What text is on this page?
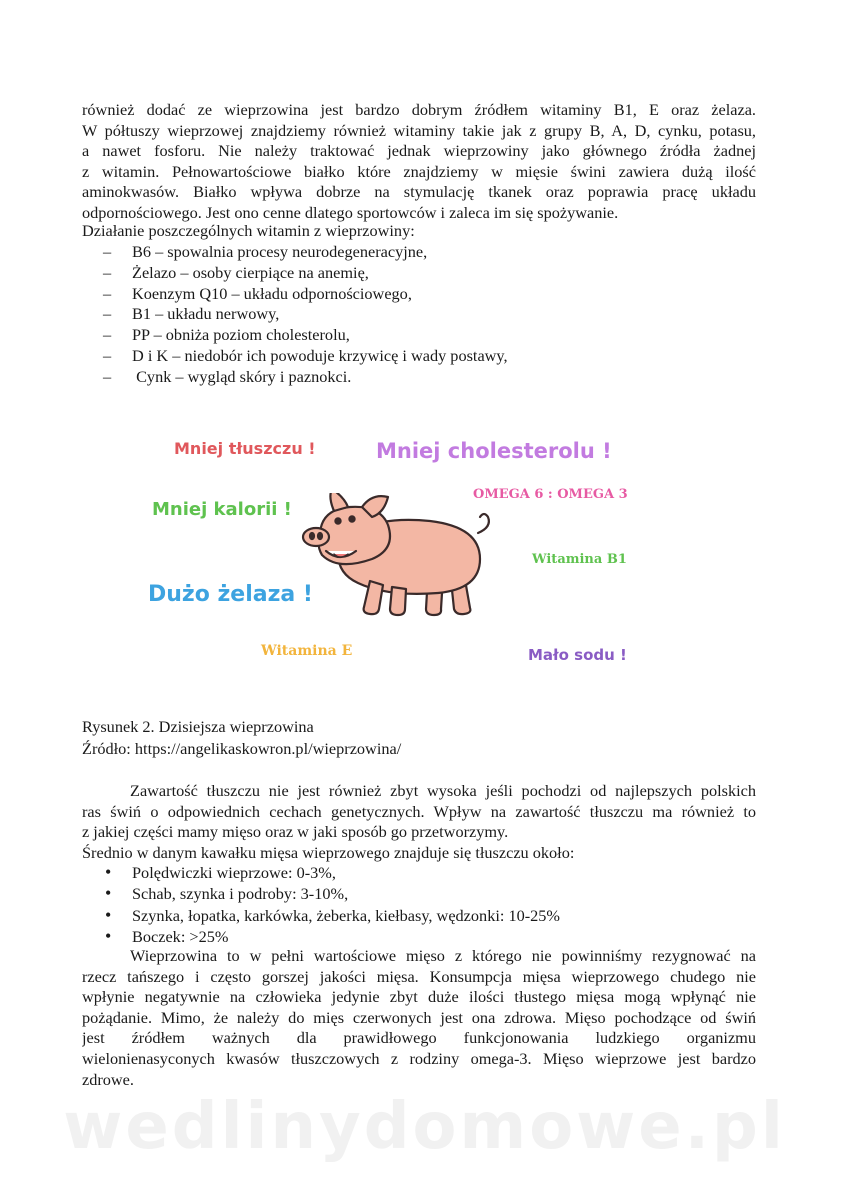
również dodać ze wieprzowina jest bardzo dobrym źródłem witaminy B1, E oraz żelaza.
W półtuszy wieprzowej znajdziemy również witaminy takie jak z grupy B, A, D, cynku, potasu,
a nawet fosforu. Nie należy traktować jednak wieprzowiny jako głównego źródła żadnej
z witamin. Pełnowartościowe białko które znajdziemy w mięsie świni zawiera dużą ilość
aminokwasów. Białko wpływa dobrze na stymulację tkanek oraz poprawia pracę układu
odpornościowego. Jest ono cenne dlatego sportowców i zaleca im się spożywanie.

Działanie poszczególnych witamin z wieprzowiny:

– B6 – spowalnia procesy neurodegeneracyjne,
– Żelazo – osoby cierpiące na anemię,
– Koenzym Q10 – układu odpornościowego,
– B1 – układu nerwowy,
– PP – obniża poziom cholesterolu,
– D i K – niedobór ich powoduje krzywicę i wady postawy,
–  Cynk – wygląd skóry i paznokci.
Mniej tłuszczu !	Mniej cholesterolu !
OMEGA 6 : OMEGA 3
Mniej kalorii !
Witamina B1
Dużo żelaza !
Witamina E	Mało sodu !

Rysunek 2. Dzisiejsza wieprzowina

Źródło: https://angelikaskowron.pl/wieprzowina/

Zawartość tłuszczu nie jest również zbyt wysoka jeśli pochodzi od najlepszych polskich
ras świń o odpowiednich cechach genetycznych. Wpływ na zawartość tłuszczu ma również to
z jakiej części mamy mięso oraz w jaki sposób go przetworzymy.

Średnio w danym kawałku mięsa wieprzowego znajduje się tłuszczu około:

• Polędwiczki wieprzowe: 0-3%,
• Schab, szynka i podroby: 3-10%,
• Szynka, łopatka, karkówka, żeberka, kiełbasy, wędzonki: 10-25%
• Boczek: >25%
Wieprzowina to w pełni wartościowe mięso z którego nie powinniśmy rezygnować na
rzecz tańszego i często gorszej jakości mięsa. Konsumpcja mięsa wieprzowego chudego nie
wpłynie negatywnie na człowieka jedynie zbyt duże ilości tłustego mięsa mogą wpłynąć nie
pożądanie. Mimo, że należy do mięs czerwonych jest ona zdrowa. Mięso pochodzące od świń
jest źródłem ważnych dla prawidłowego funkcjonowania ludzkiego organizmu
wielonienasyconych kwasów tłuszczowych z rodziny omega-3. Mięso wieprzowe jest bardzo
zdrowe.
wedlinydomowe.pl
